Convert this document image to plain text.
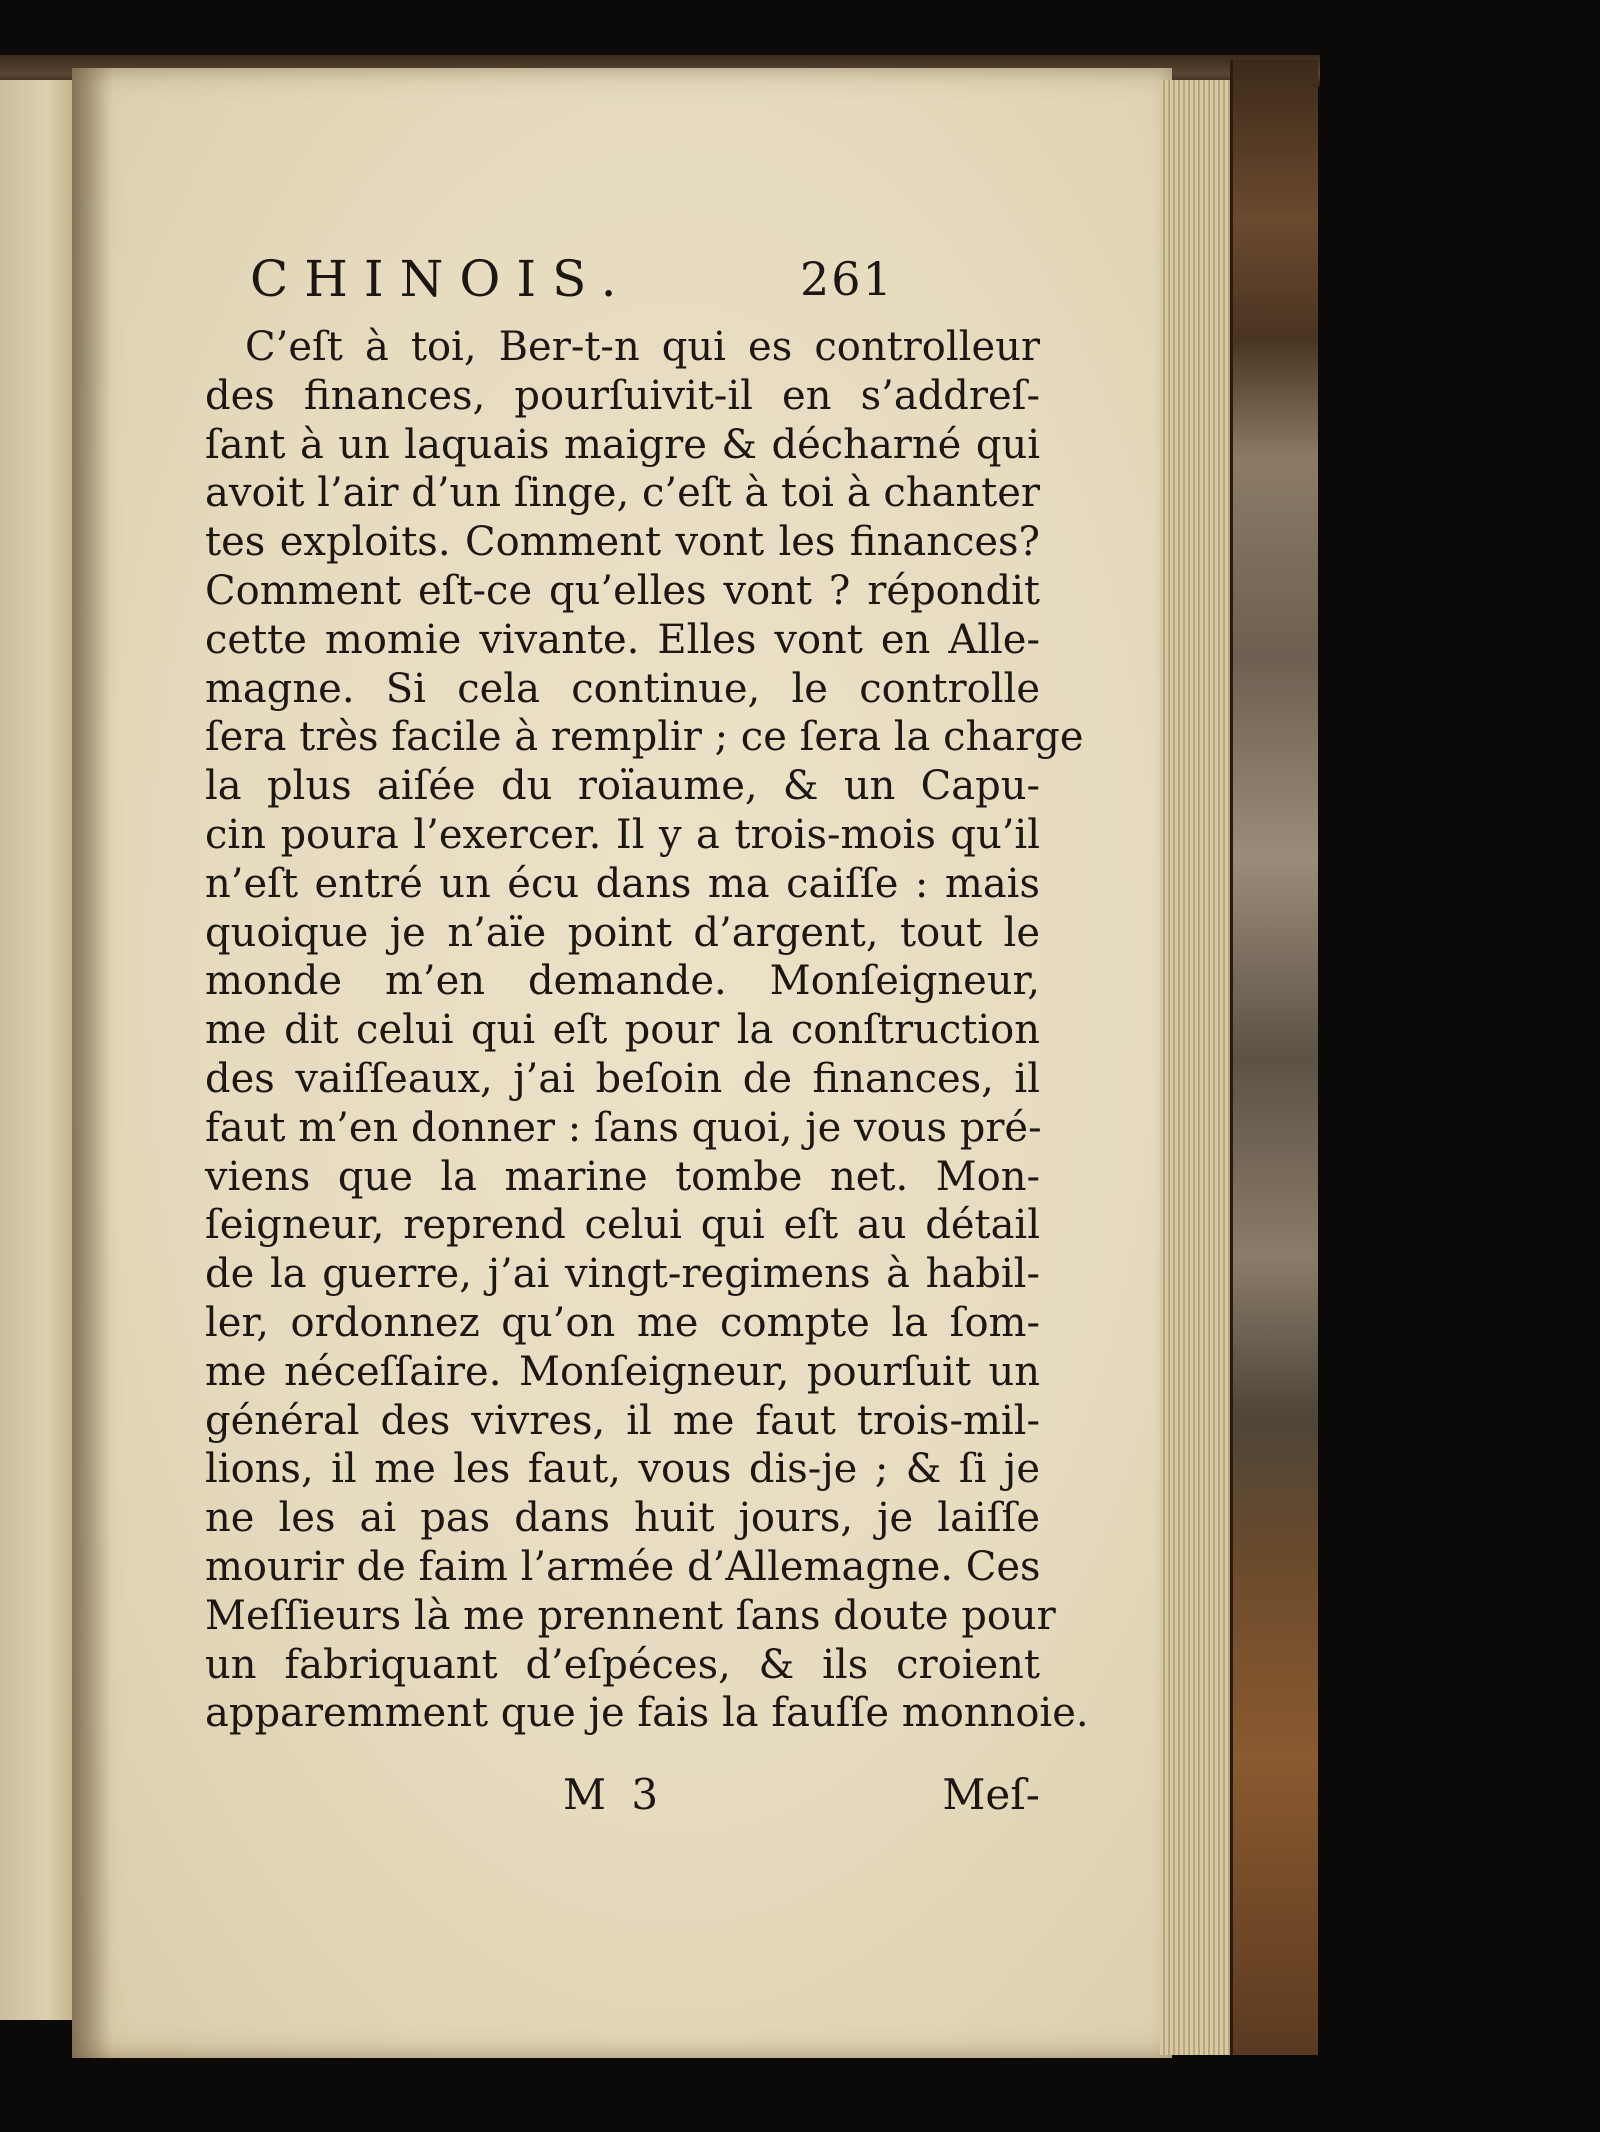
CHINOIS.	261
C’eſt à toi, Ber-t‑n qui es controlleur
des finances, pourſuivit-il en s’addreſ-
ſant à un laquais maigre & décharné qui
avoit l’air d’un ſinge, c’eſt à toi à chanter
tes exploits. Comment vont les finances?
Comment eſt-ce qu’elles vont ? répondit
cette momie vivante. Elles vont en Alle-
magne. Si cela continue, le controlle
ſera très facile à remplir ; ce ſera la charge
la plus aiſée du roïaume, & un Capu-
cin poura l’exercer. Il y a trois-mois qu’il
n’eſt entré un écu dans ma caiſſe : mais
quoique je n’aïe point d’argent, tout le
monde m’en demande. Monſeigneur,
me dit celui qui eſt pour la conſtruction
des vaiſſeaux, j’ai beſoin de finances, il
faut m’en donner : ſans quoi, je vous pré-
viens que la marine tombe net. Mon-
ſeigneur, reprend celui qui eſt au détail
de la guerre, j’ai vingt-regimens à habil-
ler, ordonnez qu’on me compte la ſom-
me néceſſaire. Monſeigneur, pourſuit un
général des vivres, il me faut trois-mil-
lions, il me les faut, vous dis-je ; & ſi je
ne les ai pas dans huit jours, je laiſſe
mourir de faim l’armée d’Allemagne. Ces
Meſſieurs là me prennent ſans doute pour
un fabriquant d’eſpéces, & ils croient
apparemment que je fais la fauſſe monnoie.
M 3	Meſ-
